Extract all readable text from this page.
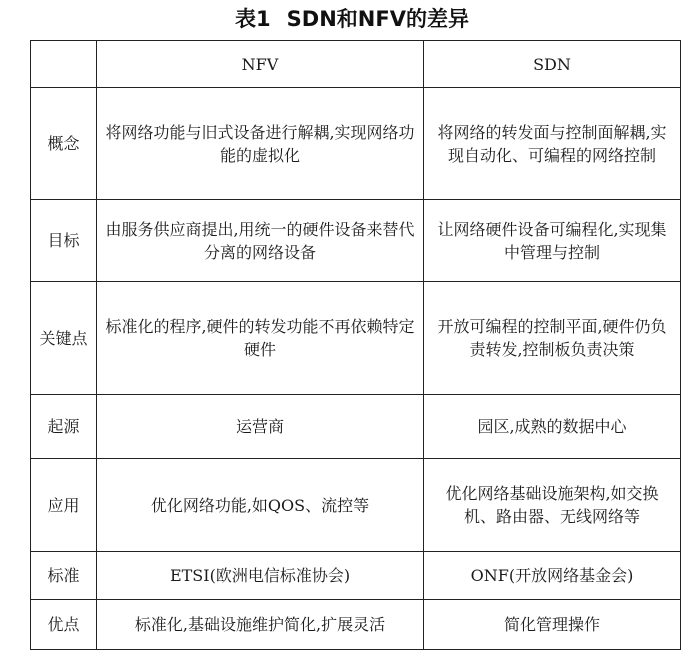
表1 SDN和NFV的差异
	NFV	SDN
概念	将网络功能与旧式设备进行解耦,实现网络功能的虚拟化	将网络的转发面与控制面解耦,实现自动化、可编程的网络控制
目标	由服务供应商提出,用统一的硬件设备来替代分离的网络设备	让网络硬件设备可编程化,实现集中管理与控制
关键点	标准化的程序,硬件的转发功能不再依赖特定硬件	开放可编程的控制平面,硬件仍负责转发,控制板负责决策
起源	运营商	园区,成熟的数据中心
应用	优化网络功能,如QOS、流控等	优化网络基础设施架构,如交换机、路由器、无线网络等
标准	ETSI(欧洲电信标准协会)	ONF(开放网络基金会)
优点	标准化,基础设施维护简化,扩展灵活	简化管理操作
